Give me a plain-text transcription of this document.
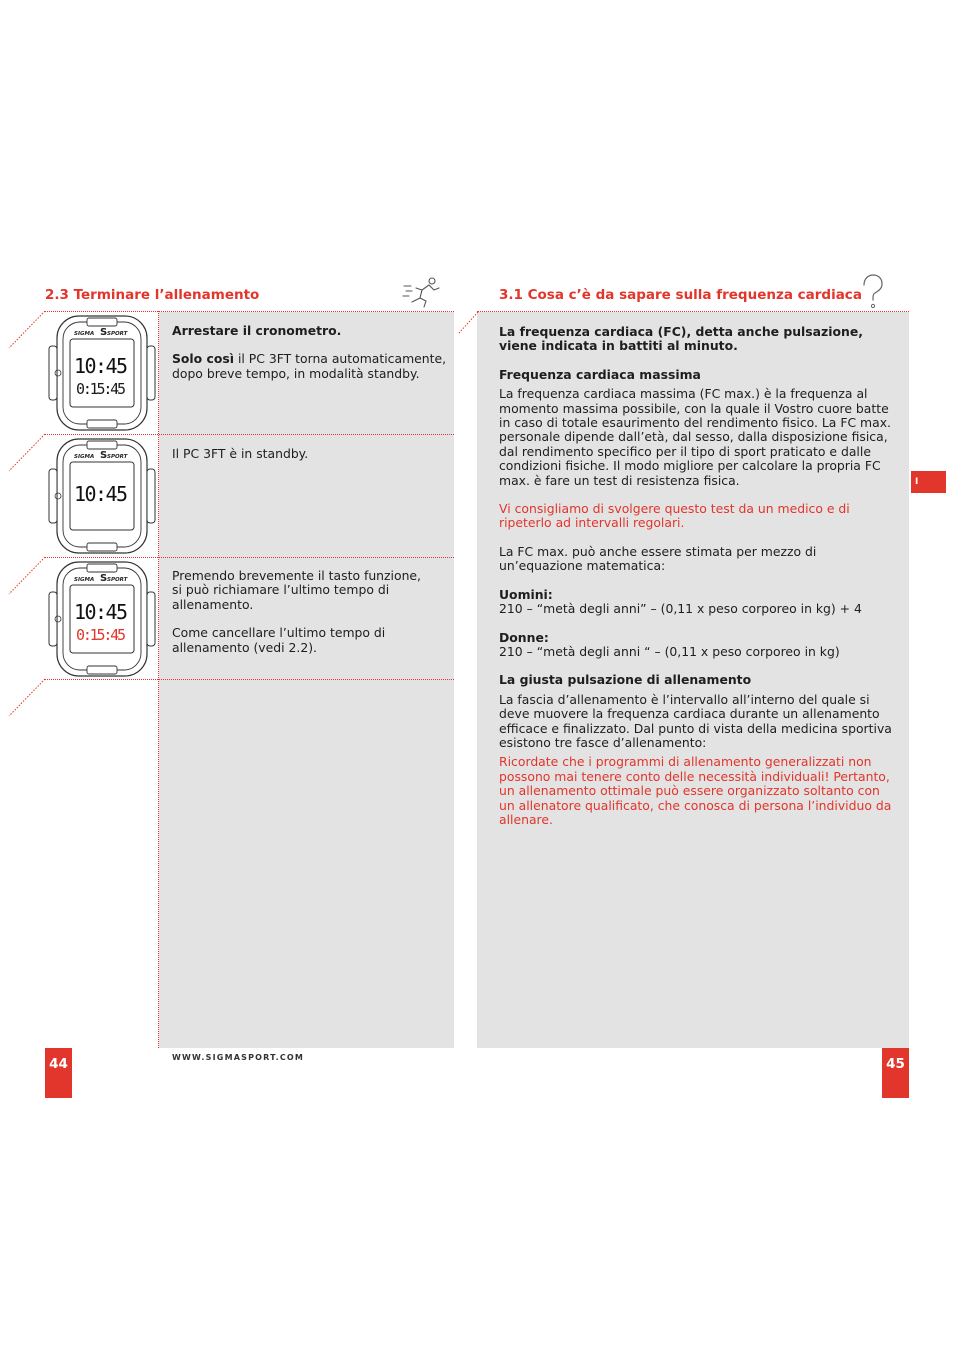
2.3 Terminare l’allenamento
SIGMA SPORT
S
10:45
0:15:45

Arrestare il cronometro.

Solo così il PC 3FT torna automaticamente, dopo breve tempo, in modalità standby.

SIGMA SPORT
S
10:45

Il PC 3FT è in standby.

SIGMA SPORT
S
10:45
0:15:45

Premendo brevemente il tasto funzione, si può richiamare l’ultimo tempo di allenamento.

Come cancellare l’ultimo tempo di allenamento (vedi 2.2).

44	WWW.SIGMASPORT.COM
3.1 Cosa c’è da sapare sulla frequenza cardiaca

La frequenza cardiaca (FC), detta anche pulsazione, viene indicata in battiti al minuto.

Frequenza cardiaca massima

La frequenza cardiaca massima (FC max.) è la frequenza al momento massima possibile, con la quale il Vostro cuore batte in caso di totale esaurimento del rendimento fisico. La FC max. personale dipende dall’età, dal sesso, dalla disposizione fisica, dal rendimento specifico per il tipo di sport praticato e dalle condizioni fisiche. Il modo migliore per calcolare la propria FC max. è fare un test di resistenza fisica.

Vi consigliamo di svolgere questo test da un medico e di ripeterlo ad intervalli regolari.

La FC max. può anche essere stimata per mezzo di un’equazione matematica:

Uomini:

210 – “metà degli anni” – (0,11 x peso corporeo in kg) + 4

Donne:

210 – “metà degli anni “ – (0,11 x peso corporeo in kg)

La giusta pulsazione di allenamento

La fascia d’allenamento è l’intervallo all’interno del quale si deve muovere la frequenza cardiaca durante un allenamento efficace e finalizzato. Dal punto di vista della medicina sportiva esistono tre fasce d’allenamento:

Ricordate che i programmi di allenamento generalizzati non possono mai tenere conto delle necessità individuali! Pertanto, un allenamento ottimale può essere organizzato soltanto con un allenatore qualificato, che conosca di persona l’individuo da allenare.

I
45
